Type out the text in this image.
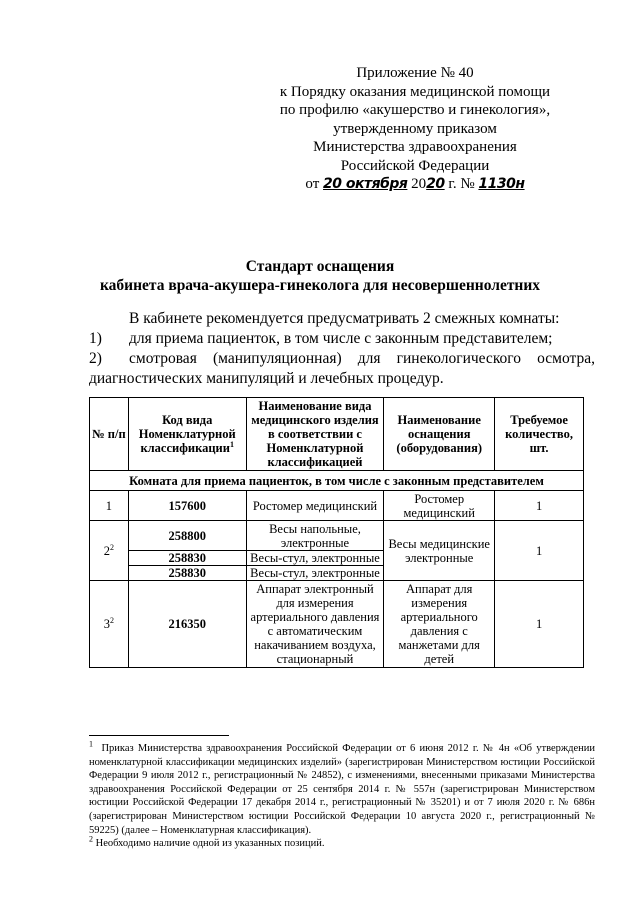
Приложение № 40
к Порядку оказания медицинской помощи
по профилю «акушерство и гинекология»,
утвержденному приказом
Министерства здравоохранения
Российской Федерации
от 20 октября 2020 г. № 1130н
Стандарт оснащения
кабинета врача-акушера-гинеколога для несовершеннолетних
В кабинете рекомендуется предусматривать 2 смежных комнаты:
1)	для приема пациенток, в том числе с законным представителем;
2)	смотровая (манипуляционная) для гинекологического осмотра,
диагностических манипуляций и лечебных процедур.
№ п/п	Код вида Номенклатурной классификации$^1$	Наименование вида медицинского изделия в соответствии с Номенклатурной классификацией	Наименование оснащения (оборудования)	Требуемое количество, шт.
Комната для приема пациенток, в том числе с законным представителем				
1	157600	Ростомер медицинский	Ростомер медицинский	1
$2^2$	258800	Весы напольные, электронные	Весы медицинские электронные	1
	258830	Весы-стул, электронные		
	258830	Весы-стул, электронные		
$3^2$	216350	Аппарат электронный для измерения артериального давления с автоматическим накачиванием воздуха, стационарный	Аппарат для измерения артериального давления с манжетами для детей	1
$^1$ Приказ Министерства здравоохранения Российской Федерации от 6 июня 2012 г. № 4н «Об утверждении номенклатурной классификации медицинских изделий» (зарегистрирован Министерством юстиции Российской Федерации 9 июля 2012 г., регистрационный № 24852), с изменениями, внесенными приказами Министерства здравоохранения Российской Федерации от 25 сентября 2014 г. № 557н (зарегистрирован Министерством юстиции Российской Федерации 17 декабря 2014 г., регистрационный № 35201) и от 7 июля 2020 г. № 686н (зарегистрирован Министерством юстиции Российской Федерации 10 августа 2020 г., регистрационный № 59225) (далее – Номенклатурная классификация).
$^2$ Необходимо наличие одной из указанных позиций.
